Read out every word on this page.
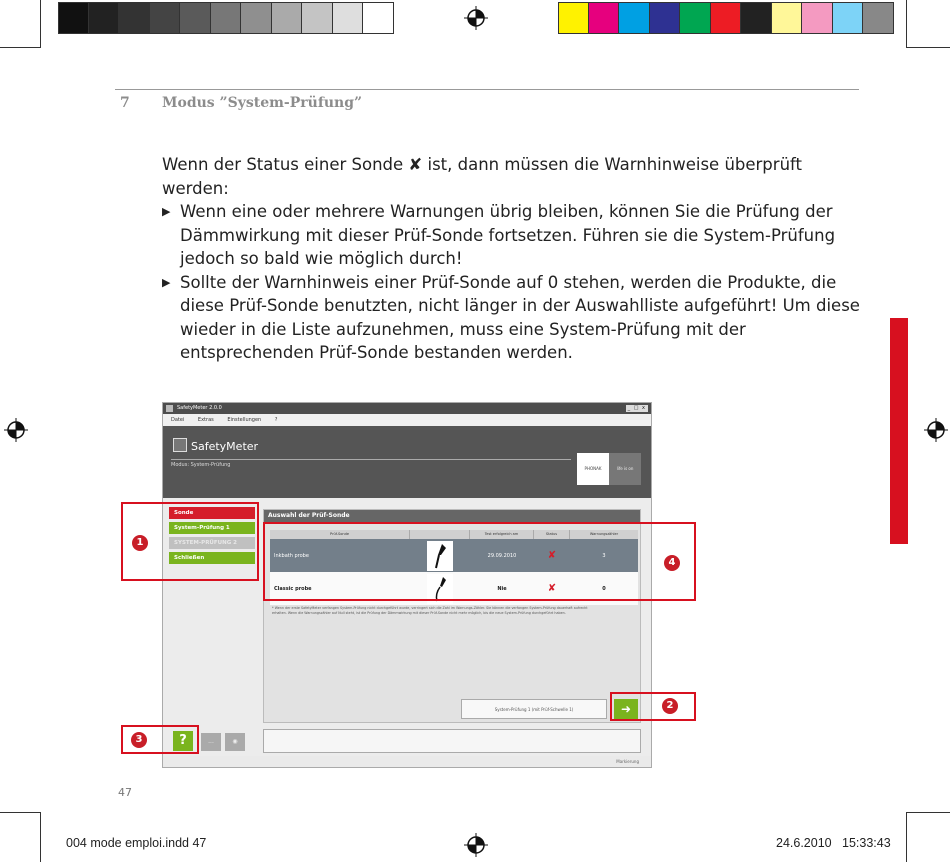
7 Modus ”System-Prüfung”

Wenn der Status einer Sonde ✘ ist, dann müssen die Warnhinweise überprüft werden:

▶ Wenn eine oder mehrere Warnungen übrig bleiben, können Sie die Prüfung der Dämmwirkung mit dieser Prüf-Sonde fortsetzen. Führen sie die System-Prüfung jedoch so bald wie möglich durch!

▶ Sollte der Warnhinweis einer Prüf-Sonde auf 0 stehen, werden die Produkte, die diese Prüf-Sonde benutzten, nicht länger in der Auswahlliste aufgeführt! Um diese wieder in die Liste aufzunehmen, muss eine System-Prüfung mit der entsprechenden Prüf-Sonde bestanden werden.

SafetyMeter 2.0.0	_ □ x
Datei Extras Einstellungen ?
SafetyMeter
Modus: System-Prüfung
PHONAK	life is on
Sonde
System-Prüfung 1
SYSTEM-PRÜFUNG 2
Schließen
Auswahl der Prüf-Sonde
Prüf-Sonde	Test erfolgreich am	Status	Warnungszähler
Inkbath probe	29.09.2010	✘	3
Classic probe	Nie	✘	0
* Wenn der erste SafetyMeter verfangen System-Prüfung nicht durchgeführt wurde, verringert sich die Zahl im Warnungs-Zähler. Sie können die verfangen System-Prüfung dauerhaft aufrecht erhalten. Wenn die Warnungszähler auf Null steht, ist die Prüfung der Dämmwirkung mit dieser Prüf-Sonde nicht mehr möglich, bis die neue System-Prüfung durchgeführt haben.
System-Prüfung 1 (mit Prüf-Schwelle 1)	➜
?	...	◉
Markierung
1
2
3
4
47
004 mode emploi.indd 47	24.6.2010   15:33:43
